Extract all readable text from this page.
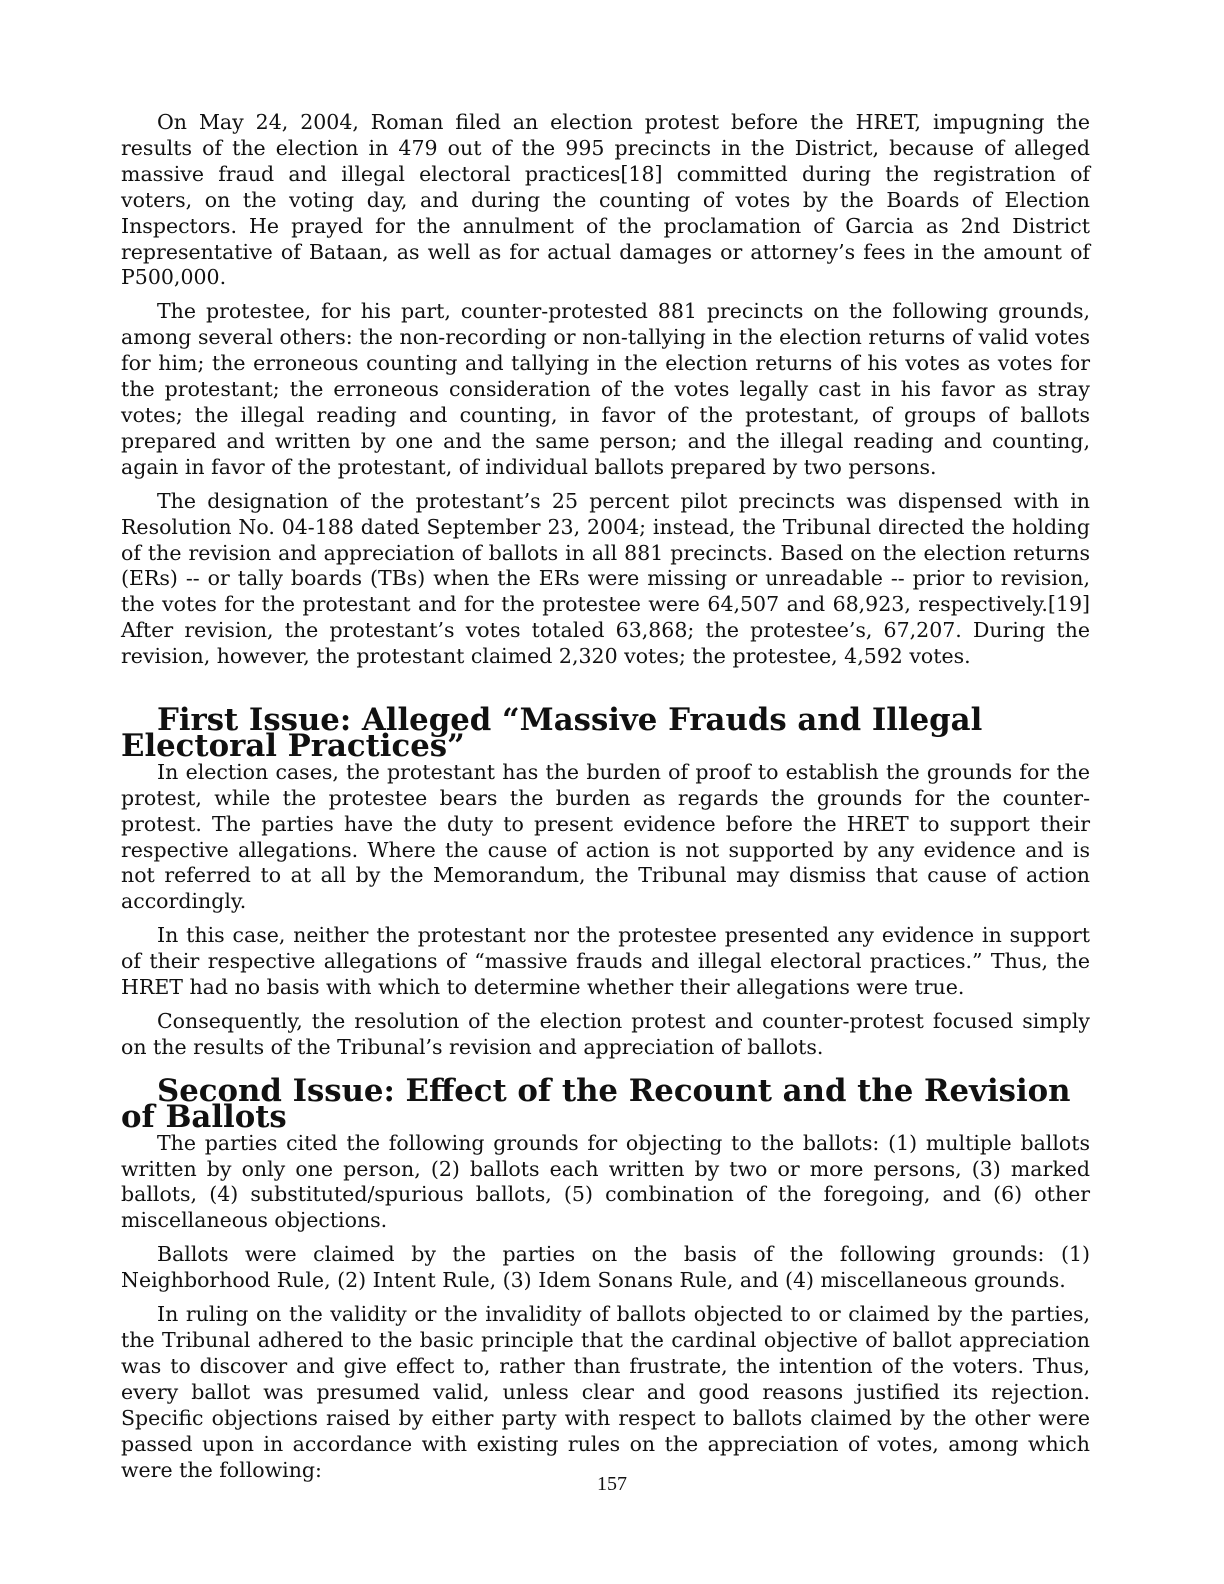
On May 24, 2004, Roman filed an election protest before the HRET, impugning the results of the election in 479 out of the 995 precincts in the District, because of alleged massive fraud and illegal electoral practices[18] committed during the registration of voters, on the voting day, and during the counting of votes by the Boards of Election Inspectors. He prayed for the annulment of the proclamation of Garcia as 2nd District representative of Bataan, as well as for actual damages or attorney’s fees in the amount of P500,000.

The protestee, for his part, counter-protested 881 precincts on the following grounds, among several others: the non-recording or non-tallying in the election returns of valid votes for him; the erroneous counting and tallying in the election returns of his votes as votes for the protestant; the erroneous consideration of the votes legally cast in his favor as stray votes; the illegal reading and counting, in favor of the protestant, of groups of ballots prepared and written by one and the same person; and the illegal reading and counting, again in favor of the protestant, of individual ballots prepared by two persons.

The designation of the protestant’s 25 percent pilot precincts was dispensed with in Resolution No. 04-188 dated September 23, 2004; instead, the Tribunal directed the holding of the revision and appreciation of ballots in all 881 precincts. Based on the election returns (ERs) -- or tally boards (TBs) when the ERs were missing or unreadable -- prior to revision, the votes for the protestant and for the protestee were 64,507 and 68,923, respectively.[19] After revision, the protestant’s votes totaled 63,868; the protestee’s, 67,207. During the revision, however, the protestant claimed 2,320 votes; the protestee, 4,592 votes.

First Issue: Alleged “Massive Frauds and Illegal Electoral Practices”

In election cases, the protestant has the burden of proof to establish the grounds for the protest, while the protestee bears the burden as regards the grounds for the counter-protest. The parties have the duty to present evidence before the HRET to support their respective allegations. Where the cause of action is not supported by any evidence and is not referred to at all by the Memorandum, the Tribunal may dismiss that cause of action accordingly.

In this case, neither the protestant nor the protestee presented any evidence in support of their respective allegations of “massive frauds and illegal electoral practices.” Thus, the HRET had no basis with which to determine whether their allegations were true.

Consequently, the resolution of the election protest and counter-protest focused simply on the results of the Tribunal’s revision and appreciation of ballots.

Second Issue: Effect of the Recount and the Revision of Ballots

The parties cited the following grounds for objecting to the ballots: (1) multiple ballots written by only one person, (2) ballots each written by two or more persons, (3) marked ballots, (4) substituted/spurious ballots, (5) combination of the foregoing, and (6) other miscellaneous objections.

Ballots were claimed by the parties on the basis of the following grounds: (1) Neighborhood Rule, (2) Intent Rule, (3) Idem Sonans Rule, and (4) miscellaneous grounds.

In ruling on the validity or the invalidity of ballots objected to or claimed by the parties, the Tribunal adhered to the basic principle that the cardinal objective of ballot appreciation was to discover and give effect to, rather than frustrate, the intention of the voters. Thus, every ballot was presumed valid, unless clear and good reasons justified its rejection. Specific objections raised by either party with respect to ballots claimed by the other were passed upon in accordance with existing rules on the appreciation of votes, among which were the following:

157
